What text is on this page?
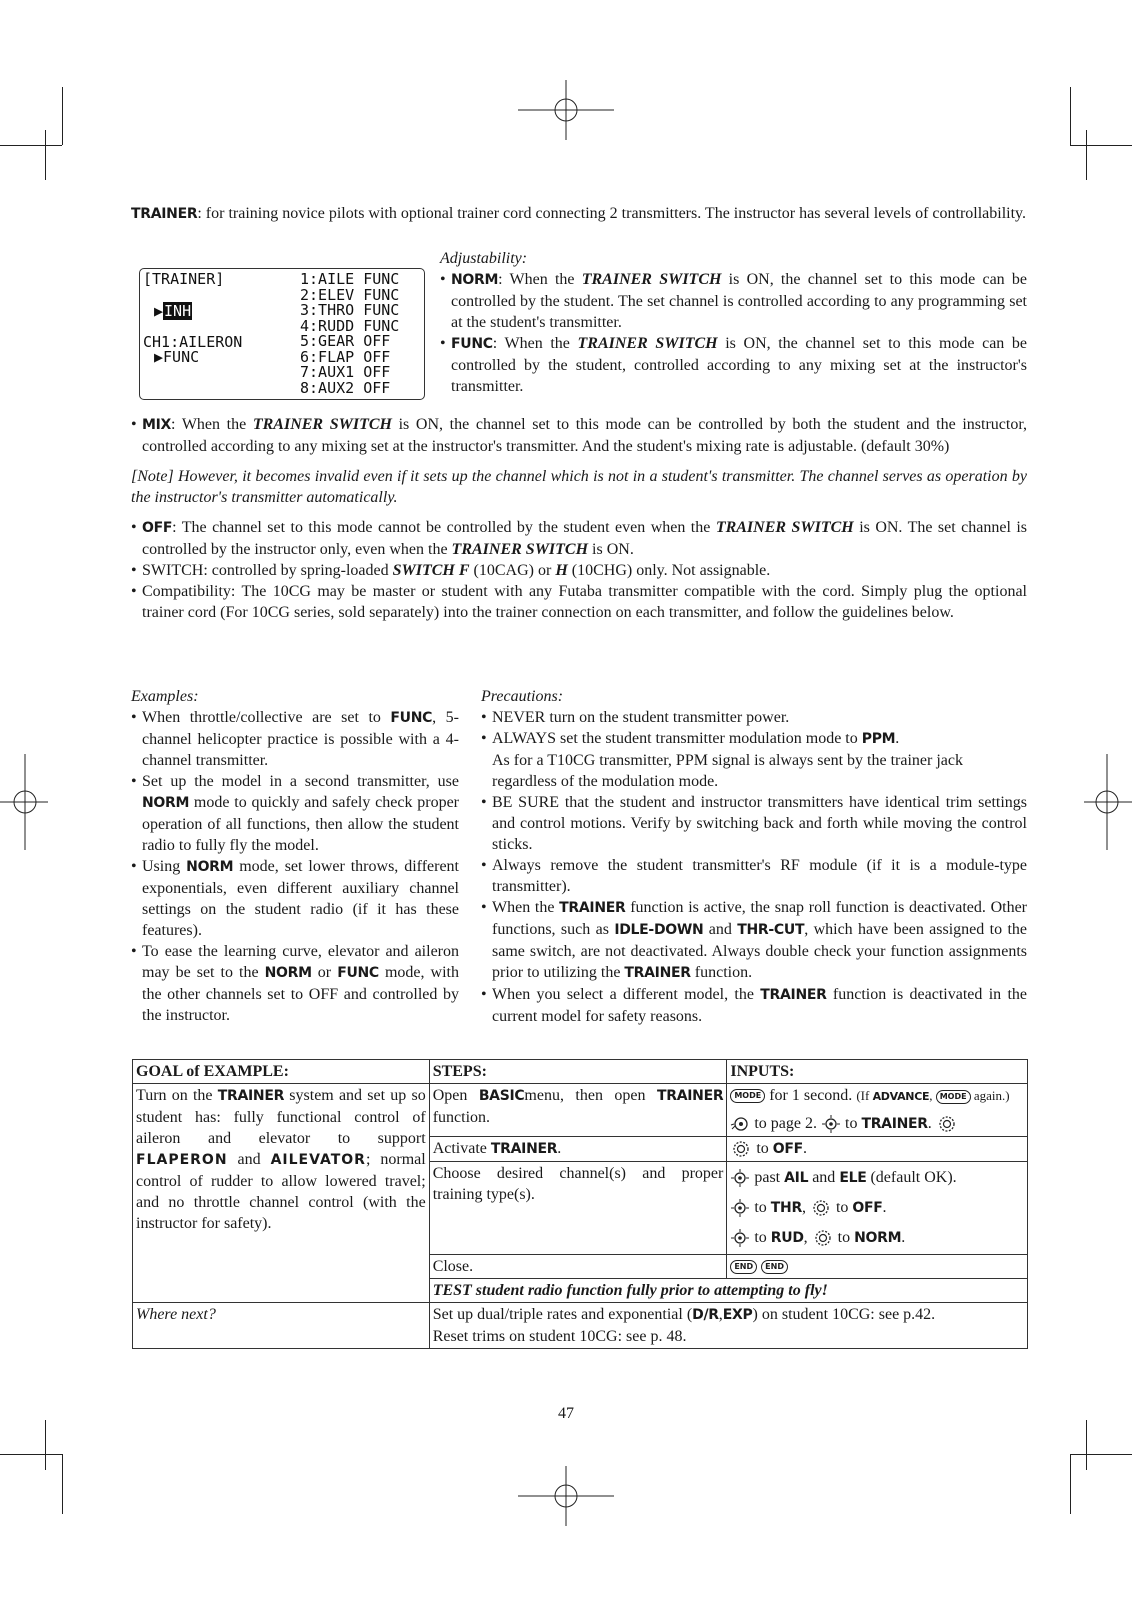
TRAINER: for training novice pilots with optional trainer cord connecting 2 transmitters. The instructor has several levels of controllability.
[TRAINER]
▶INH
CH1:AILERON
▶FUNC
1:AILE FUNC
2:ELEV FUNC
3:THRO FUNC
4:RUDD FUNC
5:GEAR OFF
6:FLAP OFF
7:AUX1 OFF
8:AUX2 OFF
Adjustability:
• NORM: When the TRAINER SWITCH is ON, the channel set to this mode can be controlled by the student. The set channel is controlled according to any programming set at the student's transmitter.
• FUNC: When the TRAINER SWITCH is ON, the channel set to this mode can be controlled by the student, controlled according to any mixing set at the instructor's transmitter.
• MIX: When the TRAINER SWITCH is ON, the channel set to this mode can be controlled by both the student and the instructor, controlled according to any mixing set at the instructor's transmitter. And the student's mixing rate is adjustable. (default 30%)
[Note] However, it becomes invalid even if it sets up the channel which is not in a student's transmitter. The channel serves as operation by the instructor's transmitter automatically.
• OFF: The channel set to this mode cannot be controlled by the student even when the TRAINER SWITCH is ON. The set channel is controlled by the instructor only, even when the TRAINER SWITCH is ON.
• SWITCH: controlled by spring-loaded SWITCH F (10CAG) or H (10CHG) only. Not assignable.
• Compatibility: The 10CG may be master or student with any Futaba transmitter compatible with the cord. Simply plug the optional trainer cord (For 10CG series, sold separately) into the trainer connection on each transmitter, and follow the guidelines below.
Examples:
• When throttle/collective are set to FUNC, 5-channel helicopter practice is possible with a 4-channel transmitter.
• Set up the model in a second transmitter, use NORM mode to quickly and safely check proper operation of all functions, then allow the student radio to fully fly the model.
• Using NORM mode, set lower throws, different exponentials, even different auxiliary channel settings on the student radio (if it has these features).
• To ease the learning curve, elevator and aileron may be set to the NORM or FUNC mode, with the other channels set to OFF and controlled by the instructor.
Precautions:
• NEVER turn on the student transmitter power.
• ALWAYS set the student transmitter modulation mode to PPM.
As for a T10CG transmitter, PPM signal is always sent by the trainer jack regardless of the modulation mode.
• BE SURE that the student and instructor transmitters have identical trim settings and control motions. Verify by switching back and forth while moving the control sticks.
• Always remove the student transmitter's RF module (if it is a module-type transmitter).
• When the TRAINER function is active, the snap roll function is deactivated. Other functions, such as IDLE-DOWN and THR-CUT, which have been assigned to the same switch, are not deactivated. Always double check your function assignments prior to utilizing the TRAINER function.
• When you select a different model, the TRAINER function is deactivated in the current model for safety reasons.
GOAL of EXAMPLE:	STEPS:	INPUTS:
Turn on the TRAINER system and set up so student has: fully functional control of aileron and elevator to support FLAPERON and AILEVATOR; normal control of rudder to allow lowered travel; and no throttle channel control (with the instructor for safety).	Open BASICmenu, then open TRAINER function.	MODE for 1 second. (If ADVANCE, MODE again.)
to page 2.  to TRAINER.
	Activate TRAINER.	to OFF.
	Choose desired channel(s) and proper training type(s).	past AIL and ELE (default OK).
to THR,  to OFF.
to RUD,  to NORM.
	Close.	END END
	TEST student radio function fully prior to attempting to fly!	
Where next?	Set up dual/triple rates and exponential (D/R,EXP) on student 10CG: see p.42.
Reset trims on student 10CG: see p. 48.	
47
